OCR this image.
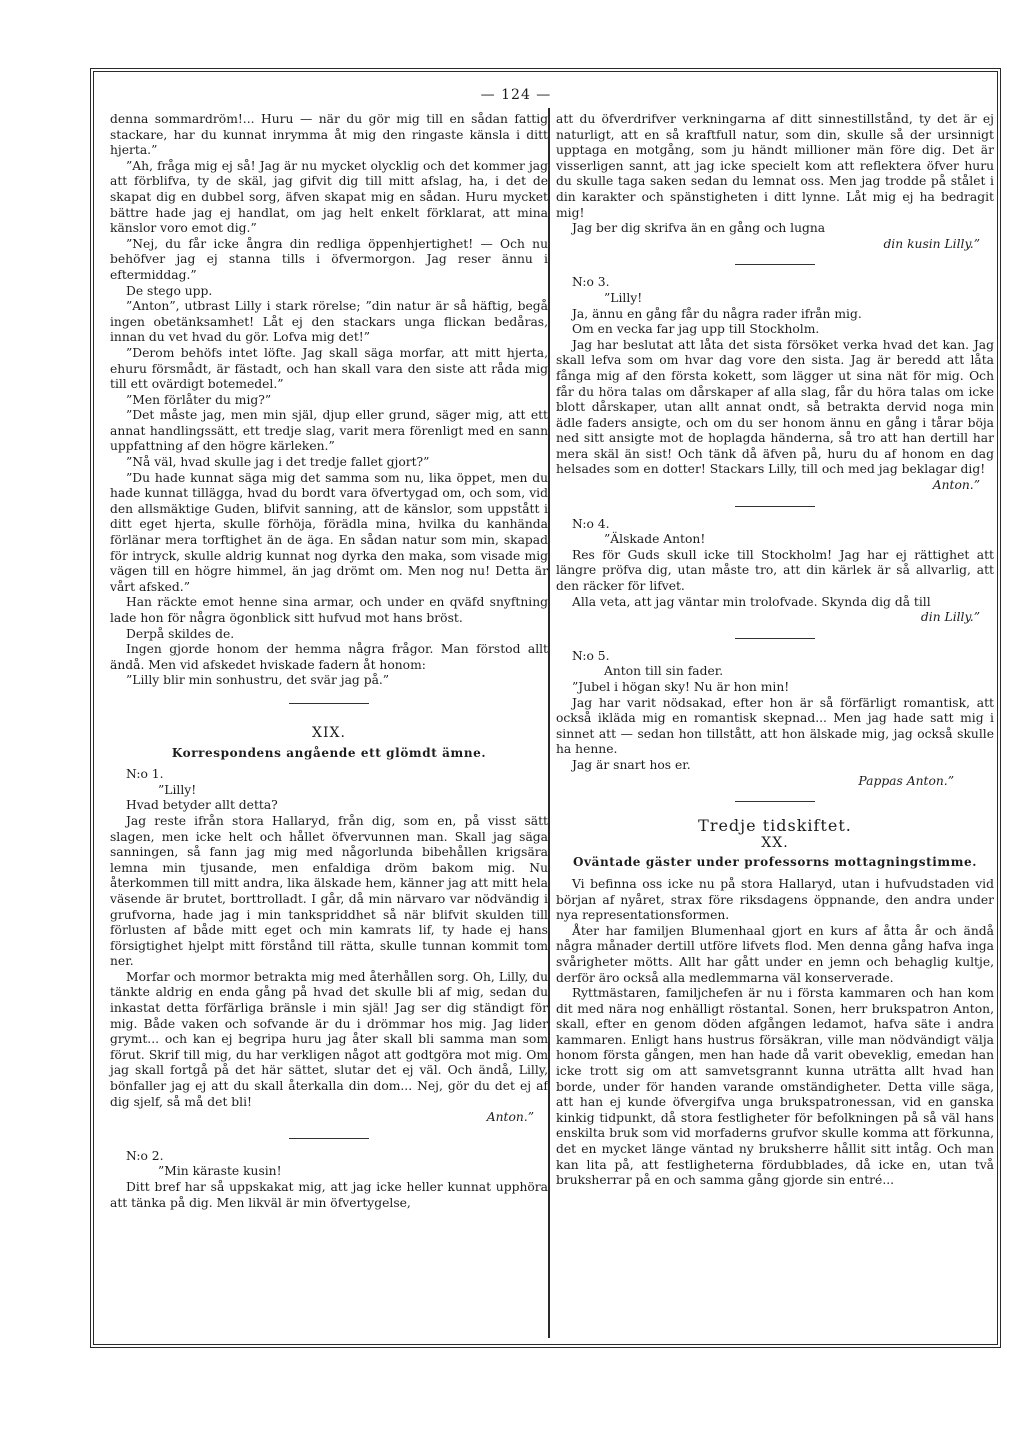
— 124 —

denna sommardröm!... Huru — när du gör mig till en sådan fattig stackare, har du kunnat inrymma åt mig den ringaste känsla i ditt hjerta.”

”Ah, fråga mig ej så! Jag är nu mycket olycklig och det kommer jag att förblifva, ty de skäl, jag gifvit dig till mitt afslag, ha, i det de skapat dig en dubbel sorg, äfven skapat mig en sådan. Huru mycket bättre hade jag ej handlat, om jag helt enkelt förklarat, att mina känslor voro emot dig.”

”Nej, du får icke ångra din redliga öppenhjertighet! — Och nu behöfver jag ej stanna tills i öfvermorgon. Jag reser ännu i eftermiddag.”

De stego upp.

”Anton”, utbrast Lilly i stark rörelse; ”din natur är så häftig, begå ingen obetänksamhet! Låt ej den stackars unga flickan bedåras, innan du vet hvad du gör. Lofva mig det!”

”Derom behöfs intet löfte. Jag skall säga morfar, att mitt hjerta, ehuru försmådt, är fästadt, och han skall vara den siste att råda mig till ett ovärdigt botemedel.”

”Men förlåter du mig?”

”Det måste jag, men min själ, djup eller grund, säger mig, att ett annat handlingssätt, ett tredje slag, varit mera förenligt med en sann uppfattning af den högre kärleken.”

”Nå väl, hvad skulle jag i det tredje fallet gjort?”

”Du hade kunnat säga mig det samma som nu, lika öppet, men du hade kunnat tillägga, hvad du bordt vara öfvertygad om, och som, vid den allsmäktige Guden, blifvit sanning, att de känslor, som uppstått i ditt eget hjerta, skulle förhöja, förädla mina, hvilka du kanhända förlänar mera torftighet än de äga. En sådan natur som min, skapad för intryck, skulle aldrig kunnat nog dyrka den maka, som visade mig vägen till en högre himmel, än jag drömt om. Men nog nu! Detta är vårt afsked.”

Han räckte emot henne sina armar, och under en qväfd snyftning lade hon för några ögonblick sitt hufvud mot hans bröst.

Derpå skildes de.

Ingen gjorde honom der hemma några frågor. Man förstod allt ändå. Men vid afskedet hviskade fadern åt honom:

”Lilly blir min sonhustru, det svär jag på.”

XIX.

Korrespondens angående ett glömdt ämne.

N:o 1.

”Lilly!

Hvad betyder allt detta?

Jag reste ifrån stora Hallaryd, från dig, som en, på visst sätt slagen, men icke helt och hållet öfvervunnen man. Skall jag säga sanningen, så fann jag mig med någorlunda bibehållen krigsära lemna min tjusande, men enfaldiga dröm bakom mig. Nu återkommen till mitt andra, lika älskade hem, känner jag att mitt hela väsende är brutet, borttrolladt. I går, då min närvaro var nödvändig i grufvorna, hade jag i min tankspriddhet så när blifvit skulden till förlusten af både mitt eget och min kamrats lif, ty hade ej hans försigtighet hjelpt mitt förstånd till rätta, skulle tunnan kommit tom ner.

Morfar och mormor betrakta mig med återhållen sorg. Oh, Lilly, du tänkte aldrig en enda gång på hvad det skulle bli af mig, sedan du inkastat detta förfärliga bränsle i min själ! Jag ser dig ständigt för mig. Både vaken och sofvande är du i drömmar hos mig. Jag lider grymt... och kan ej begripa huru jag åter skall bli samma man som förut. Skrif till mig, du har verkligen något att godtgöra mot mig. Om jag skall fortgå på det här sättet, slutar det ej väl. Och ändå, Lilly, bönfaller jag ej att du skall återkalla din dom... Nej, gör du det ej af dig sjelf, så må det bli!

Anton.”

N:o 2.

”Min käraste kusin!

Ditt bref har så uppskakat mig, att jag icke heller kunnat upphöra att tänka på dig. Men likväl är min öfvertygelse,

att du öfverdrifver verkningarna af ditt sinnestillstånd, ty det är ej naturligt, att en så kraftfull natur, som din, skulle så der ursinnigt upptaga en motgång, som ju händt millioner män före dig. Det är visserligen sannt, att jag icke specielt kom att reflektera öfver huru du skulle taga saken sedan du lemnat oss. Men jag trodde på stålet i din karakter och spänstigheten i ditt lynne. Låt mig ej ha bedragit mig!

Jag ber dig skrifva än en gång och lugna

din kusin Lilly.”

N:o 3.

”Lilly!

Ja, ännu en gång får du några rader ifrån mig.

Om en vecka far jag upp till Stockholm.

Jag har beslutat att låta det sista försöket verka hvad det kan. Jag skall lefva som om hvar dag vore den sista. Jag är beredd att låta fånga mig af den första kokett, som lägger ut sina nät för mig. Och får du höra talas om dårskaper af alla slag, får du höra talas om icke blott dårskaper, utan allt annat ondt, så betrakta dervid noga min ädle faders ansigte, och om du ser honom ännu en gång i tårar böja ned sitt ansigte mot de hoplagda händerna, så tro att han dertill har mera skäl än sist! Och tänk då äfven på, huru du af honom en dag helsades som en dotter! Stackars Lilly, till och med jag beklagar dig!

Anton.”

N:o 4.

”Älskade Anton!

Res för Guds skull icke till Stockholm! Jag har ej rättighet att längre pröfva dig, utan måste tro, att din kärlek är så allvarlig, att den räcker för lifvet.

Alla veta, att jag väntar min trolofvade. Skynda dig då till

din Lilly.”

N:o 5.

Anton till sin fader.

”Jubel i högan sky! Nu är hon min!

Jag har varit nödsakad, efter hon är så förfärligt romantisk, att också ikläda mig en romantisk skepnad... Men jag hade satt mig i sinnet att — sedan hon tillstått, att hon älskade mig, jag också skulle ha henne.

Jag är snart hos er.

Pappas Anton.”

Tredje tidskiftet.

XX.

Oväntade gäster under professorns mottagningstimme.

Vi befinna oss icke nu på stora Hallaryd, utan i hufvudstaden vid början af nyåret, strax före riksdagens öppnande, den andra under nya representationsformen.

Åter har familjen Blumenhaal gjort en kurs af åtta år och ändå några månader dertill utföre lifvets flod. Men denna gång hafva inga svårigheter mötts. Allt har gått under en jemn och behaglig kultje, derför äro också alla medlemmarna väl konserverade.

Ryttmästaren, familjchefen är nu i första kammaren och han kom dit med nära nog enhälligt röstantal. Sonen, herr brukspatron Anton, skall, efter en genom döden afgången ledamot, hafva säte i andra kammaren. Enligt hans hustrus försäkran, ville man nödvändigt välja honom första gången, men han hade då varit obeveklig, emedan han icke trott sig om att samvetsgrannt kunna uträtta allt hvad han borde, under för handen varande omständigheter. Detta ville säga, att han ej kunde öfvergifva unga brukspatronessan, vid en ganska kinkig tidpunkt, då stora festligheter för befolkningen på så väl hans enskilta bruk som vid morfaderns grufvor skulle komma att förkunna, det en mycket länge väntad ny bruksherre hållit sitt intåg. Och man kan lita på, att festligheterna fördubblades, då icke en, utan två bruksherrar på en och samma gång gjorde sin entré...
